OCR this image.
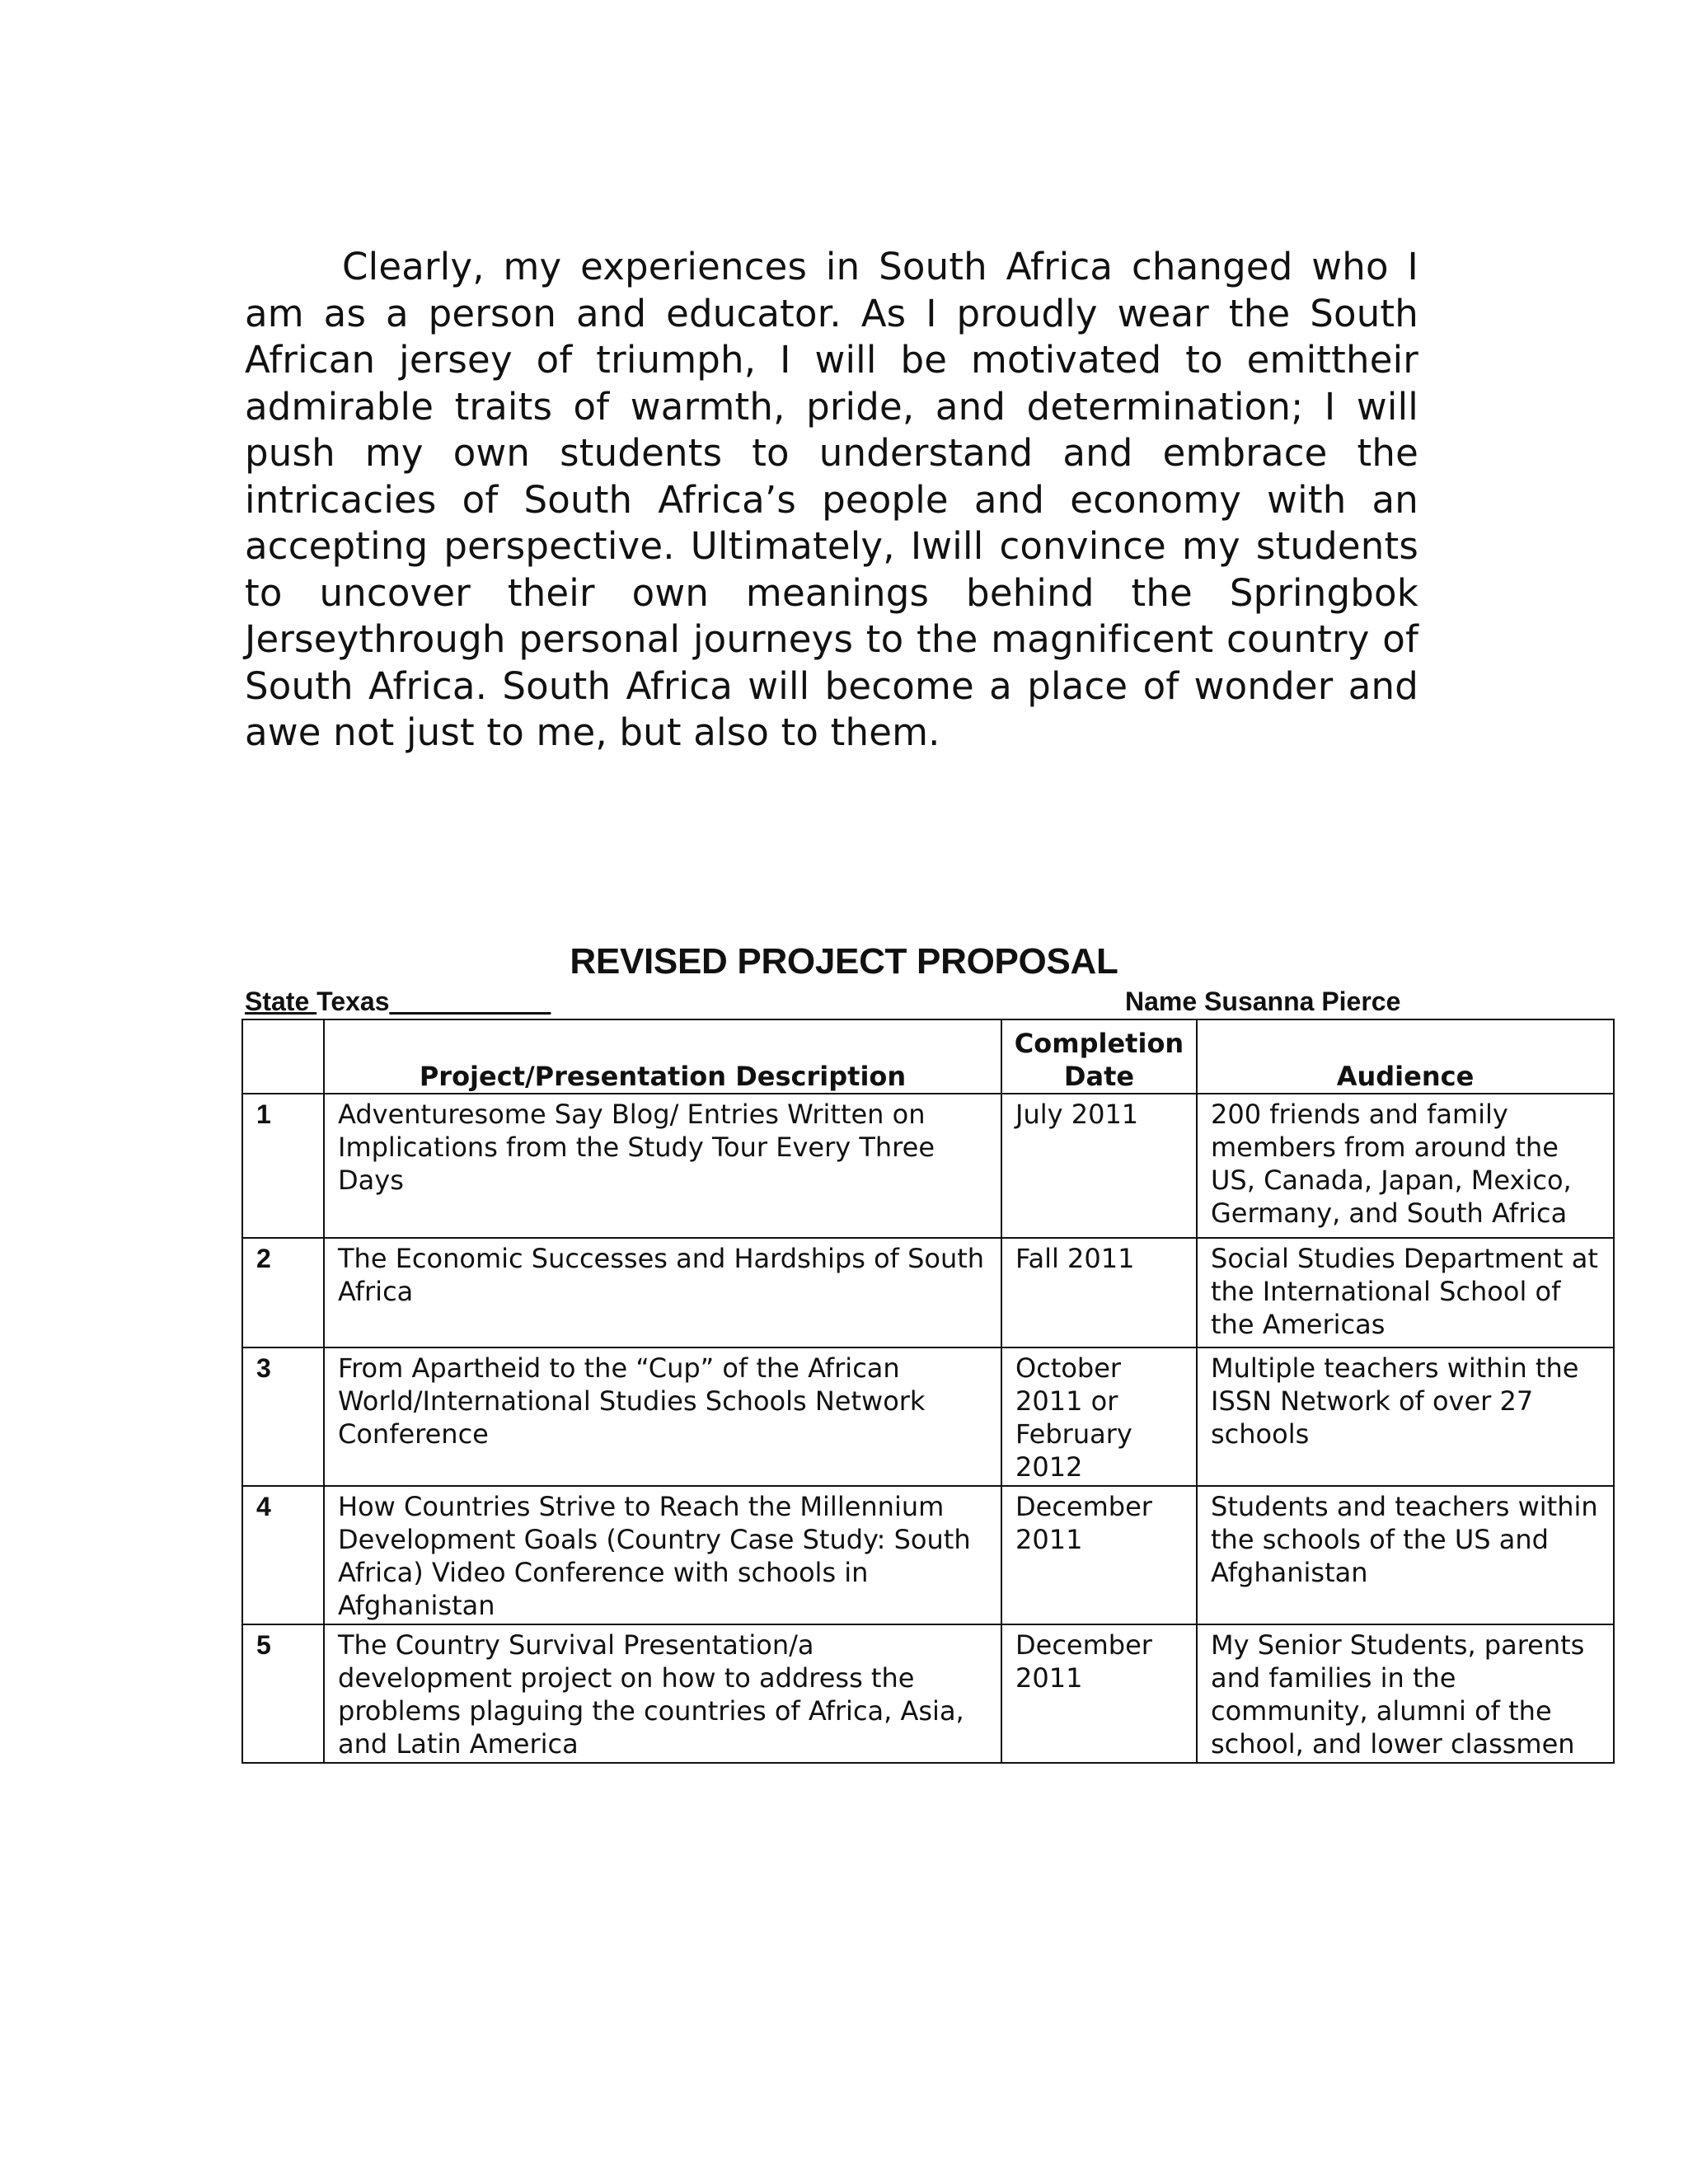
Clearly, my experiences in South Africa changed who I am as a person and educator. As I proudly wear the South African jersey of triumph, I will be motivated to emittheir admirable traits of warmth, pride, and determination; I will push my own students to understand and embrace the intricacies of South Africa’s people and economy with an accepting perspective. Ultimately, Iwill convince my students to uncover their own meanings behind the Springbok Jerseythrough personal journeys to the magnificent country of South Africa. South Africa will become a place of wonder and awe not just to me, but also to them.

REVISED PROJECT PROPOSAL
State Texas___________	Name Susanna Pierce
	Project/Presentation Description	Completion Date	Audience
1	Adventuresome Say Blog/ Entries Written on Implications from the Study Tour Every Three Days	July 2011	200 friends and family members from around the US, Canada, Japan, Mexico, Germany, and South Africa
2	The Economic Successes and Hardships of South Africa	Fall 2011	Social Studies Department at the International School of the Americas
3	From Apartheid to the “Cup” of the African World/International Studies Schools Network Conference	October 2011 or February 2012	Multiple teachers within the ISSN Network of over 27 schools
4	How Countries Strive to Reach the Millennium Development Goals (Country Case Study: South Africa) Video Conference with schools in Afghanistan	December 2011	Students and teachers within the schools of the US and Afghanistan
5	The Country Survival Presentation/a development project on how to address the problems plaguing the countries of Africa, Asia, and Latin America	December 2011	My Senior Students, parents and families in the community, alumni of the school, and lower classmen
